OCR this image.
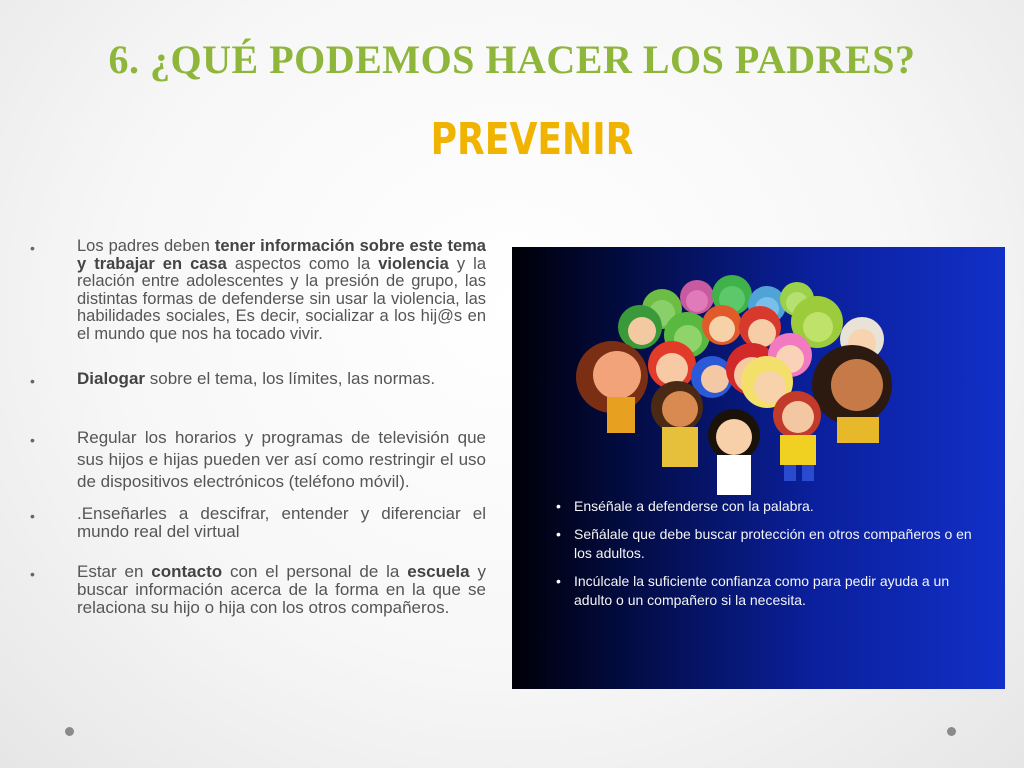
6. ¿QUÉ PODEMOS HACER LOS PADRES?
PREVENIR
•	Los padres deben tener información sobre este tema y trabajar en casa aspectos como la violencia y la relación entre adolescentes y la presión de grupo, las distintas formas de defenderse sin usar la violencia, las habilidades sociales, Es decir, socializar a los hij@s en el mundo que nos ha tocado vivir.
• Dialogar sobre el tema, los límites, las normas.
• Regular los horarios y programas de televisión que sus hijos e hijas pueden ver así como restringir el uso de dispositivos electrónicos (teléfono móvil).
• .Enseñarles a descifrar, entender y diferenciar el mundo real del virtual
• Estar en contacto con el personal de la escuela y buscar información acerca de la forma en la que se relaciona su hijo o hija con los otros compañeros.
• Enséñale a defenderse con la palabra.
• Señálale que debe buscar protección en otros compañeros o en los adultos.
• Incúlcale la suficiente confianza como para pedir ayuda a un adulto o un compañero si la necesita.
